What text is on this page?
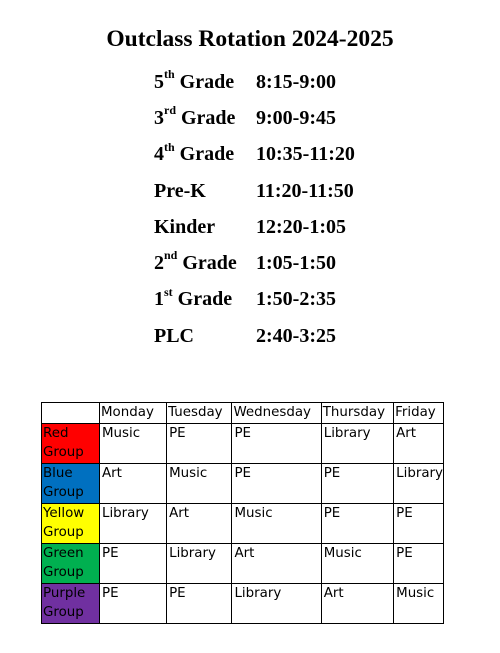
Outclass Rotation 2024-2025
5th Grade	8:15-9:00
3rd Grade	9:00-9:45
4th Grade	10:35-11:20
Pre-K	11:20-11:50
Kinder	12:20-1:05
2nd Grade 1:05-1:50
1st Grade	1:50-2:35
PLC	2:40-3:25
	Monday	Tuesday	Wednesday	Thursday	Friday
Red Group	Music	PE	PE	Library	Art
Blue Group	Art	Music	PE	PE	Library
Yellow Group	Library	Art	Music	PE	PE
Green Group	PE	Library	Art	Music	PE
Purple Group	PE	PE	Library	Art	Music
